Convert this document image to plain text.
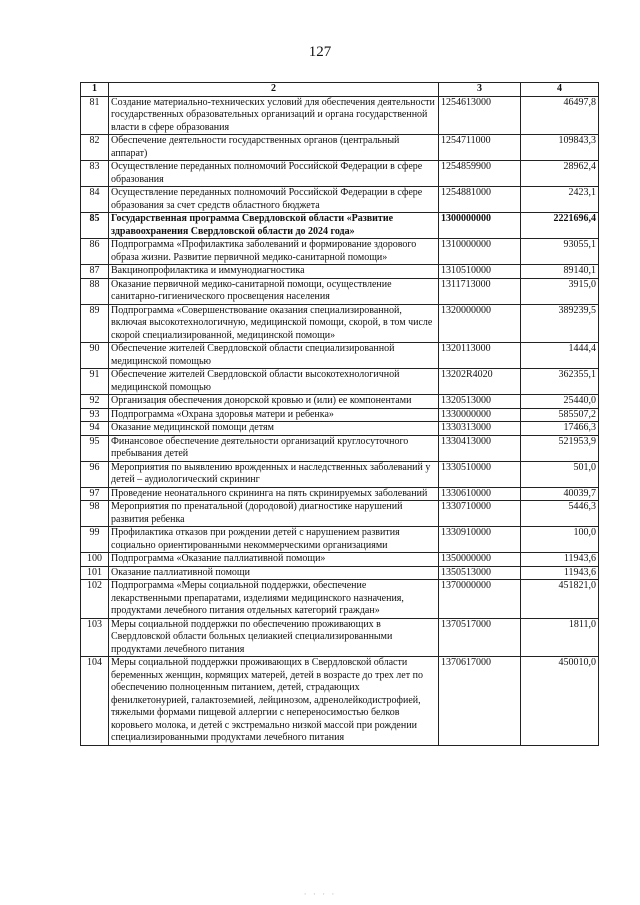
127
1	2	3	4
81	Создание материально-технических условий для обеспечения деятельности государственных образовательных организаций и органа государственной власти в сфере образования	1254613000	46497,8
82	Обеспечение деятельности государственных органов (центральный аппарат)	1254711000	109843,3
83	Осуществление переданных полномочий Российской Федерации в сфере образования	1254859900	28962,4
84	Осуществление переданных полномочий Российской Федерации в сфере образования за счет средств областного бюджета	1254881000	2423,1
85	Государственная программа Свердловской области «Развитие здравоохранения Свердловской области до 2024 года»	1300000000	2221696,4
86	Подпрограмма «Профилактика заболеваний и формирование здорового образа жизни. Развитие первичной медико-санитарной помощи»	1310000000	93055,1
87	Вакцинопрофилактика и иммунодиагностика	1310510000	89140,1
88	Оказание первичной медико-санитарной помощи, осуществление санитарно-гигиенического просвещения населения	1311713000	3915,0
89	Подпрограмма «Совершенствование оказания специализированной, включая высокотехнологичную, медицинской помощи, скорой, в том числе скорой специализированной, медицинской помощи»	1320000000	389239,5
90	Обеспечение жителей Свердловской области специализированной медицинской помощью	1320113000	1444,4
91	Обеспечение жителей Свердловской области высокотехнологичной медицинской помощью	13202R4020	362355,1
92	Организация обеспечения донорской кровью и (или) ее компонентами	1320513000	25440,0
93	Подпрограмма «Охрана здоровья матери и ребенка»	1330000000	585507,2
94	Оказание медицинской помощи детям	1330313000	17466,3
95	Финансовое обеспечение деятельности организаций круглосуточного пребывания детей	1330413000	521953,9
96	Мероприятия по выявлению врожденных и наследственных заболеваний у детей – аудиологический скрининг	1330510000	501,0
97	Проведение неонатального скрининга на пять скринируемых заболеваний	1330610000	40039,7
98	Мероприятия по пренатальной (дородовой) диагностике нарушений развития ребенка	1330710000	5446,3
99	Профилактика отказов при рождении детей с нарушением развития социально ориентированными некоммерческими организациями	1330910000	100,0
100	Подпрограмма «Оказание паллиативной помощи»	1350000000	11943,6
101	Оказание паллиативной помощи	1350513000	11943,6
102	Подпрограмма «Меры социальной поддержки, обеспечение лекарственными препаратами, изделиями медицинского назначения, продуктами лечебного питания отдельных категорий граждан»	1370000000	451821,0
103	Меры социальной поддержки по обеспечению проживающих в Свердловской области больных целиакией специализированными продуктами лечебного питания	1370517000	1811,0
104	Меры социальной поддержки проживающих в Свердловской области беременных женщин, кормящих матерей, детей в возрасте до трех лет по обеспечению полноценным питанием, детей, страдающих фенилкетонурией, галактоземией, лейцинозом, адренолейкодистрофией, тяжелыми формами пищевой аллергии с непереносимостью белков коровьего молока, и детей с экстремально низкой массой при рождении специализированными продуктами лечебного питания	1370617000	450010,0
· · · ·
